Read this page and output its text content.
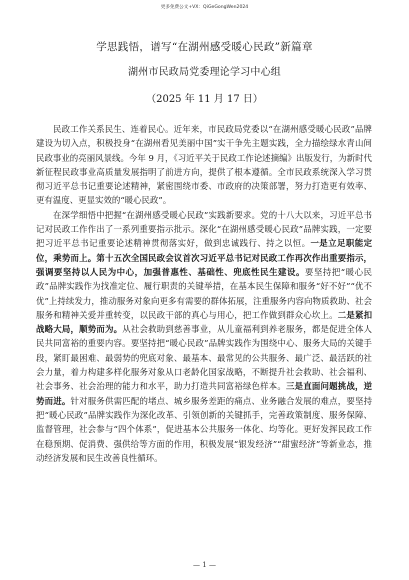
更多免费公文+VX：QiGeGongWen2024
学思践悟，谱写“在湖州感受暖心民政”新篇章
湖州市民政局党委理论学习中心组
（2025 年 11 月 17 日）

民政工作关系民生、连着民心。近年来，市民政局党委以“在湖州感受暖心民政”品牌建设为切入点，积极投身“在湖州看见美丽中国”实干争先主题实践，全力描绘绿水青山间民政事业的亮丽风景线。今年 9 月，《习近平关于民政工作论述摘编》出版发行，为新时代新征程民政事业高质量发展指明了前进方向，提供了根本遵循。全市民政系统深入学习贯彻习近平总书记重要论述精神，紧密围绕市委、市政府的决策部署，努力打造更有效率、更有温度、更显实效的“暖心民政”。

在深学细悟中把握“在湖州感受暖心民政”实践新要求。党的十八大以来，习近平总书记对民政工作作出了一系列重要指示批示。深化“在湖州感受暖心民政”品牌实践，一定要把习近平总书记重要论述精神贯彻落实好，做到忠诚践行、持之以恒。一是立足职能定位，乘势而上。第十五次全国民政会议首次习近平总书记对民政工作再次作出重要指示，强调要坚持以人民为中心，加强普惠性、基础性、兜底性民生建设。要坚持把“暖心民政”品牌实践作为找准定位、履行职责的关键举措，在基本民生保障和服务“好不好”“优不优”上持续发力，推动服务对象向更多有需要的群体拓展，注重服务内容向物质救助、社会服务和精神关爱并重转变，以民政干部的真心与用心，把工作做到群众心坎上。二是紧扣战略大局，顺势而为。从社会救助到慈善事业，从儿童福利到养老服务，都是促进全体人民共同富裕的重要内容。要坚持把“暖心民政”品牌实践作为围绕中心、服务大局的关键手段，紧盯最困难、最弱势的兜底对象、最基本、最常见的公共服务、最广泛、最活跃的社会力量，着力构建多样化服务对象从口老龄化国家战略，不断提升社会救助、社会福利、社会事务、社会治理的能力和水平，助力打造共同富裕绿色样本。三是直面问题挑战，逆势而进。针对服务供需匹配的堵点、城乡服务差距的痛点、业务融合发展的难点，要坚持把“暖心民政”品牌实践作为深化改革、引领创新的关键抓手，完善政策制度、服务保障、监督管理，社会参与“四个体系”，促进基本公共服务一体化、均等化。更好发挥民政工作在稳预期、促消费、强供给等方面的作用，积极发展“银发经济”“甜蜜经济”等新业态，推动经济发展和民生改善良性循环。

— 1 —
